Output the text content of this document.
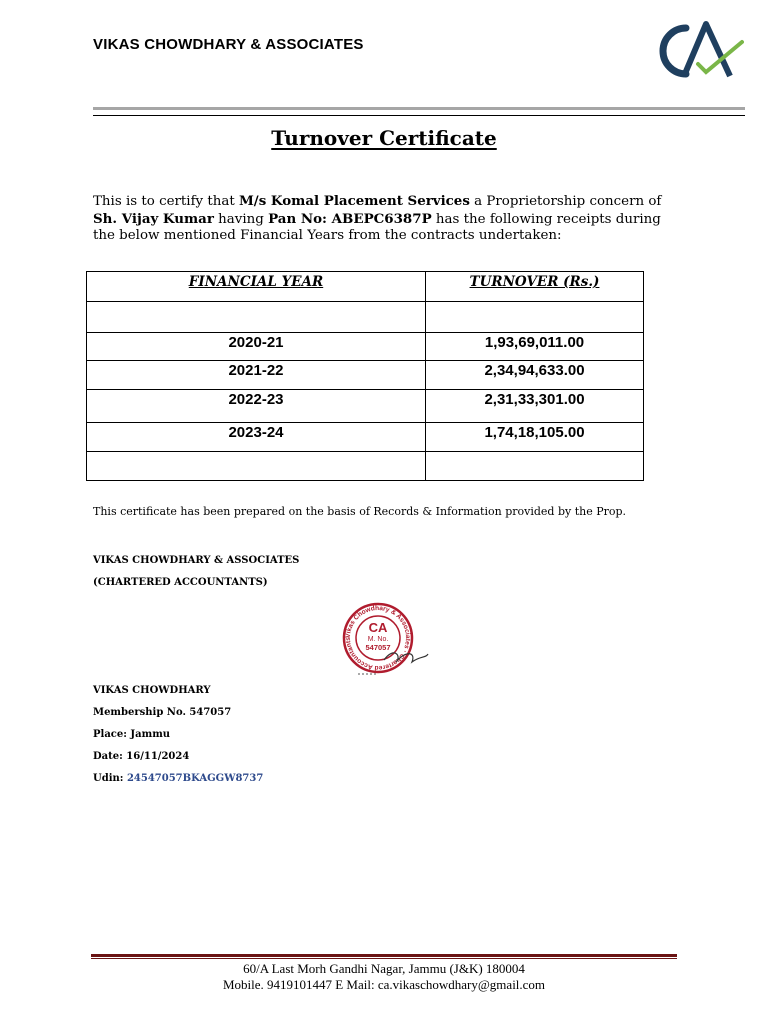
VIKAS CHOWDHARY & ASSOCIATES
Turnover Certificate
This is to certify that M/s Komal Placement Services a Proprietorship concern of Sh. Vijay Kumar having Pan No: ABEPC6387P has the following receipts during the below mentioned Financial Years from the contracts undertaken:
FINANCIAL YEAR	TURNOVER (Rs.)

2020-21	1,93,69,011.00
2021-22	2,34,94,633.00
2022-23	2,31,33,301.00
2023-24	1,74,18,105.00

This certificate has been prepared on the basis of Records & Information provided by the Prop.
VIKAS CHOWDHARY & ASSOCIATES
(CHARTERED ACCOUNTANTS)
Vikas Chowdhary & Associates · Chartered Accountants
CA
M. No.
547057
VIKAS CHOWDHARY
Membership No. 547057
Place: Jammu
Date: 16/11/2024
Udin: 24547057BKAGGW8737
60/A Last Morh Gandhi Nagar, Jammu (J&K) 180004
Mobile. 9419101447 E Mail: ca.vikaschowdhary@gmail.com
